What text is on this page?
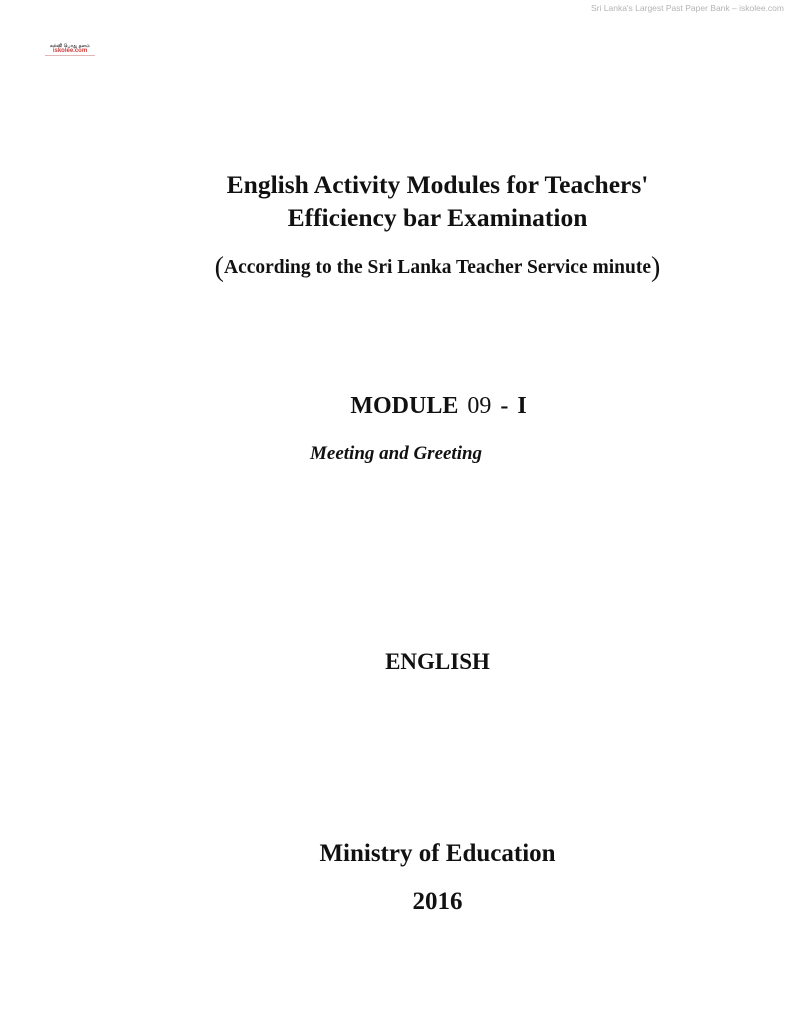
Sri Lanka's Largest Past Paper Bank – iskolee.com
கல்வி பொது தளம்
iskolee.com
English Activity Modules for Teachers'
Efficiency bar Examination
(According to the Sri Lanka Teacher Service minute)
MODULE 09 - I
Meeting and Greeting
ENGLISH
Ministry of Education
2016
